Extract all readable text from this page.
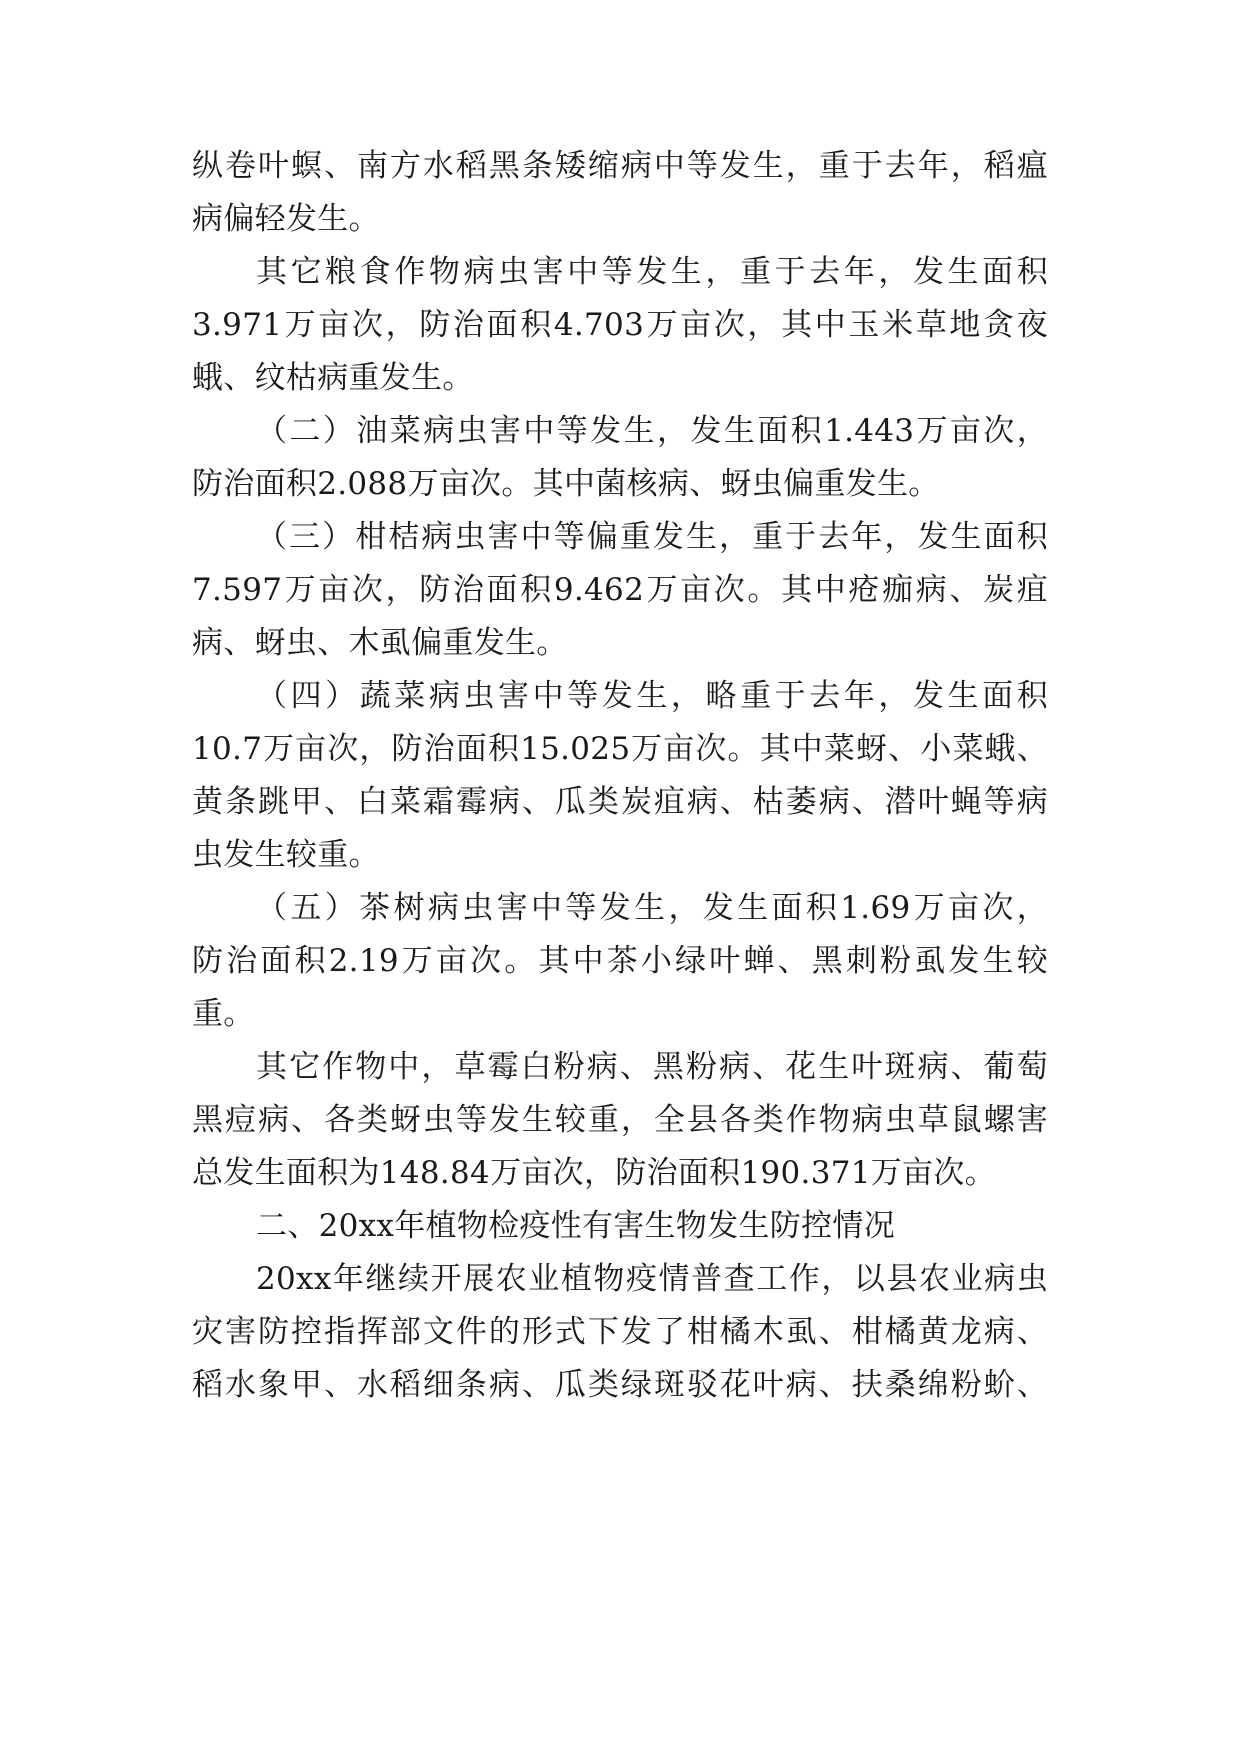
纵卷叶螟、南方水稻黑条矮缩病中等发生，重于去年，稻瘟
病偏轻发生。
其它粮食作物病虫害中等发生，重于去年，发生面积
3.971万亩次，防治面积4.703万亩次，其中玉米草地贪夜
蛾、纹枯病重发生。
（二）油菜病虫害中等发生，发生面积1.443万亩次，
防治面积2.088万亩次。其中菌核病、蚜虫偏重发生。
（三）柑桔病虫害中等偏重发生，重于去年，发生面积
7.597万亩次，防治面积9.462万亩次。其中疮痂病、炭疽
病、蚜虫、木虱偏重发生。
（四）蔬菜病虫害中等发生，略重于去年，发生面积
10.7万亩次，防治面积15.025万亩次。其中菜蚜、小菜蛾、
黄条跳甲、白菜霜霉病、瓜类炭疽病、枯萎病、潜叶蝇等病
虫发生较重。
（五）茶树病虫害中等发生，发生面积1.69万亩次，
防治面积2.19万亩次。其中茶小绿叶蝉、黑刺粉虱发生较
重。
其它作物中，草霉白粉病、黑粉病、花生叶斑病、葡萄
黑痘病、各类蚜虫等发生较重，全县各类作物病虫草鼠螺害
总发生面积为148.84万亩次，防治面积190.371万亩次。
二、20xx年植物检疫性有害生物发生防控情况
20xx年继续开展农业植物疫情普查工作，以县农业病虫
灾害防控指挥部文件的形式下发了柑橘木虱、柑橘黄龙病、
稻水象甲、水稻细条病、瓜类绿斑驳花叶病、扶桑绵粉蚧、
